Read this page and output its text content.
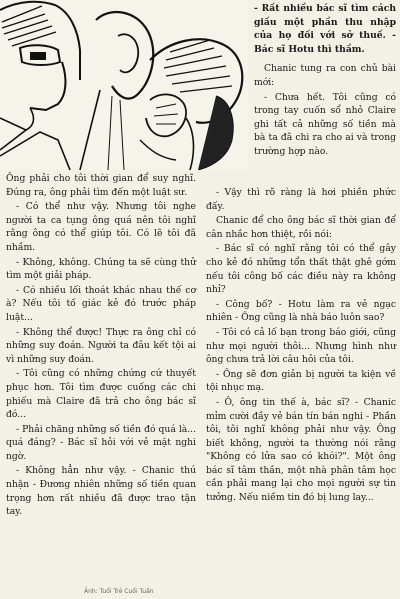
- Rất nhiều bác sĩ tìm cách giấu một phần thu nhập của họ đối với sở thuế. - Bác sĩ Hotu thì thầm.

Chanic tung ra con chủ bài mới:

- Chưa hết. Tôi cũng có trong tay cuốn sổ nhỏ Claire ghi tất cả những số tiền mà bà ta đã chi ra cho ai và trong trường hợp nào.

Ông phải cho tôi thời gian để suy nghĩ. Đúng ra, ông phải tìm đến một luật sư.

- Có thể như vậy. Nhưng tôi nghe người ta ca tụng ông quá nên tôi nghĩ rằng ông có thể giúp tôi. Có lẽ tôi đã nhầm.

- Không, không. Chúng ta sẽ cùng thử tìm một giải pháp.

- Có nhiều lối thoát khác nhau thế cơ à? Nếu tôi tố giác kẻ đó trước pháp luật...

- Không thể được! Thực ra ông chỉ có những suy đoán. Người ta đâu kết tội ai vì những suy đoán.

- Tôi cũng có những chứng cứ thuyết phục hơn. Tôi tìm được cuống các chi phiếu mà Claire đã trả cho ông bác sĩ đó...

- Phải chăng những số tiền đó quá là... quá đáng? - Bác sĩ hỏi với vẻ mặt nghi ngờ.

- Không hẳn như vậy. - Chanic thú nhận - Đương nhiên những số tiền quan trọng hơn rất nhiều đã được trao tận tay.

- Vậy thì rõ ràng là hơi phiền phức đấy.

Chanic để cho ông bác sĩ thời gian để cân nhắc hơn thiệt, rồi nói:

- Bác sĩ có nghĩ rằng tôi có thể gây cho kẻ đó những tổn thất thật ghê gớm nếu tôi công bố các điều này ra không nhỉ?

- Công bố? - Hotu làm ra vẻ ngạc nhiên - Ông cũng là nhà báo luôn sao?

- Tôi có cả lố bạn trong báo giới, cũng như mọi người thôi... Nhưng hình như ông chưa trả lời câu hỏi của tôi.

- Ông sẽ đơn giản bị người ta kiện về tội nhục mạ.

- Ô, ông tin thế à, bác sĩ? - Chanic mỉm cười đầy vẻ bán tín bán nghi - Phần tôi, tôi nghĩ không phải như vậy. Ông biết không, người ta thường nói rằng "Không có lửa sao có khói?". Một ông bác sĩ tâm thần, một nhà phân tâm học cần phải mang lại cho mọi người sự tin tưởng. Nếu niềm tin đó bị lung lay...

Ảnh: Tuổi Trẻ Cuối Tuần
